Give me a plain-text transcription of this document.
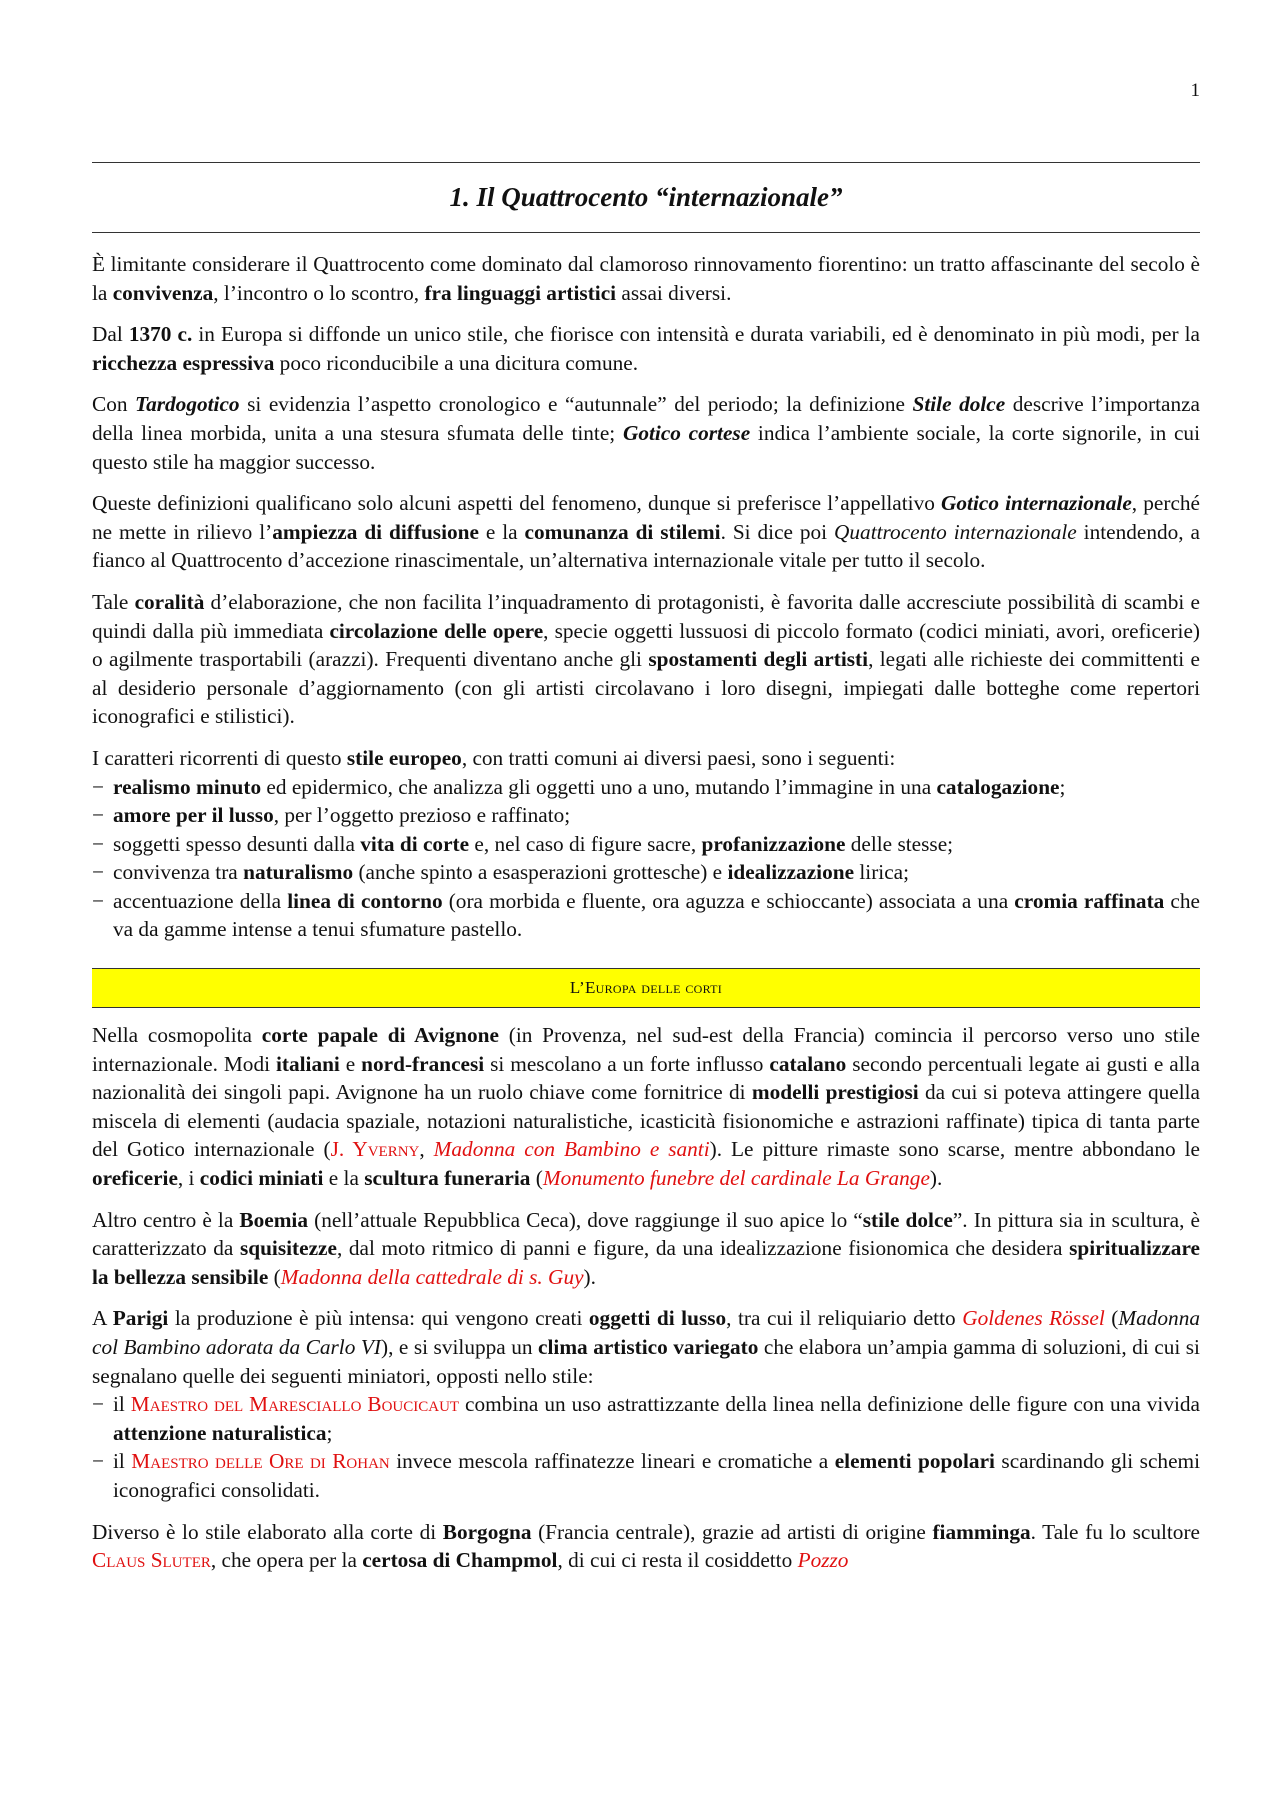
1
1. Il Quattrocento “internazionale”

È limitante considerare il Quattrocento come dominato dal clamoroso rinnovamento fiorentino: un tratto affascinante del secolo è la convivenza, l’incontro o lo scontro, fra linguaggi artistici assai diversi.

Dal 1370 c. in Europa si diffonde un unico stile, che fiorisce con intensità e durata variabili, ed è denominato in più modi, per la ricchezza espressiva poco riconducibile a una dicitura comune.

Con Tardogotico si evidenzia l’aspetto cronologico e “autunnale” del periodo; la definizione Stile dolce descrive l’importanza della linea morbida, unita a una stesura sfumata delle tinte; Gotico cortese indica l’ambiente sociale, la corte signorile, in cui questo stile ha maggior successo.

Queste definizioni qualificano solo alcuni aspetti del fenomeno, dunque si preferisce l’appellativo Gotico internazionale, perché ne mette in rilievo l’ampiezza di diffusione e la comunanza di stilemi. Si dice poi Quattrocento internazionale intendendo, a fianco al Quattrocento d’accezione rinascimentale, un’alternativa internazionale vitale per tutto il secolo.

Tale coralità d’elaborazione, che non facilita l’inquadramento di protagonisti, è favorita dalle accresciute possibilità di scambi e quindi dalla più immediata circolazione delle opere, specie oggetti lussuosi di piccolo formato (codici miniati, avori, oreficerie) o agilmente trasportabili (arazzi). Frequenti diventano anche gli spostamenti degli artisti, legati alle richieste dei committenti e al desiderio personale d’aggiornamento (con gli artisti circolavano i loro disegni, impiegati dalle botteghe come repertori iconografici e stilistici).

I caratteri ricorrenti di questo stile europeo, con tratti comuni ai diversi paesi, sono i seguenti:
− realismo minuto ed epidermico, che analizza gli oggetti uno a uno, mutando l’immagine in una catalogazione;
− amore per il lusso, per l’oggetto prezioso e raffinato;
− soggetti spesso desunti dalla vita di corte e, nel caso di figure sacre, profanizzazione delle stesse;
− convivenza tra naturalismo (anche spinto a esasperazioni grottesche) e idealizzazione lirica;
− accentuazione della linea di contorno (ora morbida e fluente, ora aguzza e schioccante) associata a una cromia raffinata che va da gamme intense a tenui sfumature pastello.
L’Europa delle corti

Nella cosmopolita corte papale di Avignone (in Provenza, nel sud-est della Francia) comincia il percorso verso uno stile internazionale. Modi italiani e nord-francesi si mescolano a un forte influsso catalano secondo percentuali legate ai gusti e alla nazionalità dei singoli papi. Avignone ha un ruolo chiave come fornitrice di modelli prestigiosi da cui si poteva attingere quella miscela di elementi (audacia spaziale, notazioni naturalistiche, icasticità fisionomiche e astrazioni raffinate) tipica di tanta parte del Gotico internazionale (J. Yverny, Madonna con Bambino e santi). Le pitture rimaste sono scarse, mentre abbondano le oreficerie, i codici miniati e la scultura funeraria (Monumento funebre del cardinale La Grange).

Altro centro è la Boemia (nell’attuale Repubblica Ceca), dove raggiunge il suo apice lo “stile dolce”. In pittura sia in scultura, è caratterizzato da squisitezze, dal moto ritmico di panni e figure, da una idealizzazione fisionomica che desidera spiritualizzare la bellezza sensibile (Madonna della cattedrale di s. Guy).

A Parigi la produzione è più intensa: qui vengono creati oggetti di lusso, tra cui il reliquiario detto Goldenes Rössel (Madonna col Bambino adorata da Carlo VI), e si sviluppa un clima artistico variegato che elabora un’ampia gamma di soluzioni, di cui si segnalano quelle dei seguenti miniatori, opposti nello stile:
− il Maestro del Maresciallo Boucicaut combina un uso astrattizzante della linea nella definizione delle figure con una vivida attenzione naturalistica;
− il Maestro delle Ore di Rohan invece mescola raffinatezze lineari e cromatiche a elementi popolari scardinando gli schemi iconografici consolidati.

Diverso è lo stile elaborato alla corte di Borgogna (Francia centrale), grazie ad artisti di origine fiamminga. Tale fu lo scultore Claus Sluter, che opera per la certosa di Champmol, di cui ci resta il cosiddetto Pozzo
